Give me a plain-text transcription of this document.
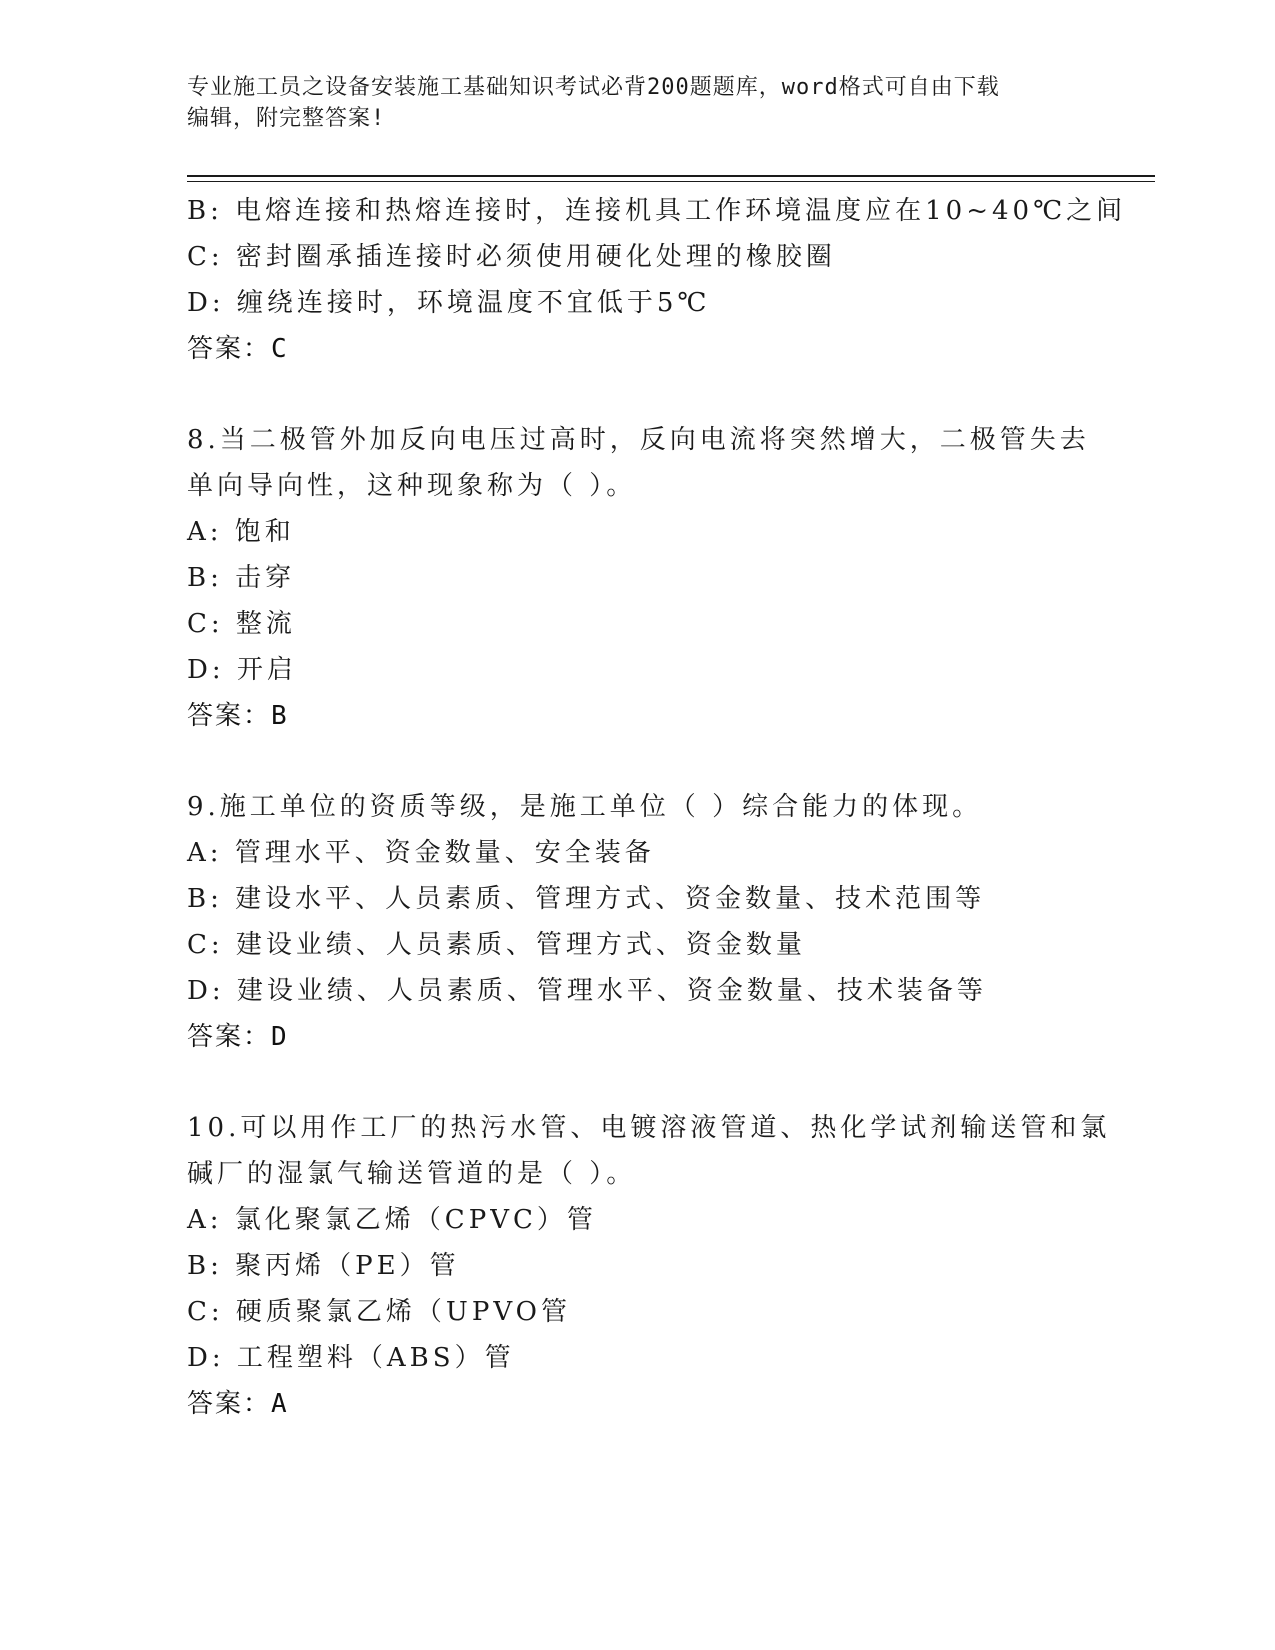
专业施工员之设备安装施工基础知识考试必背200题题库，word格式可自由下载
编辑，附完整答案!
B: 电熔连接和热熔连接时，连接机具工作环境温度应在10~40℃之间
C: 密封圈承插连接时必须使用硬化处理的橡胶圈
D: 缠绕连接时，环境温度不宜低于5℃
答案：C
8.当二极管外加反向电压过高时，反向电流将突然增大，二极管失去
单向导向性，这种现象称为（ ）。
A: 饱和
B: 击穿
C: 整流
D: 开启
答案：B
9.施工单位的资质等级，是施工单位（ ）综合能力的体现。
A: 管理水平、资金数量、安全装备
B: 建设水平、人员素质、管理方式、资金数量、技术范围等
C: 建设业绩、人员素质、管理方式、资金数量
D: 建设业绩、人员素质、管理水平、资金数量、技术装备等
答案：D
10.可以用作工厂的热污水管、电镀溶液管道、热化学试剂输送管和氯
碱厂的湿氯气输送管道的是（ ）。
A: 氯化聚氯乙烯（CPVC）管
B: 聚丙烯（PE）管
C: 硬质聚氯乙烯（UPVO管
D: 工程塑料（ABS）管
答案：A
